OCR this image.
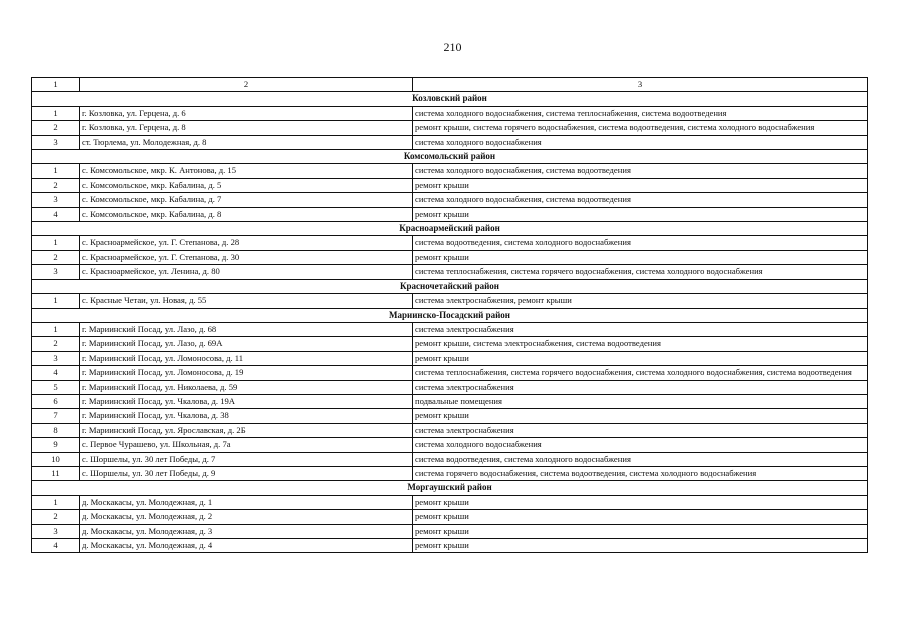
210
1	2	3
Козловский район		
1	г. Козловка, ул. Герцена, д. 6	система холодного водоснабжения, система теплоснабжения, система водоотведения
2	г. Козловка, ул. Герцена, д. 8	ремонт крыши, система горячего водоснабжения, система водоотведения, система холодного водоснабжения
3	ст. Тюрлема, ул. Молодежная, д. 8	система холодного водоснабжения
Комсомольский район		
1	с. Комсомольское, мкр. К. Антонова, д. 15	система холодного водоснабжения, система водоотведения
2	с. Комсомольское, мкр. Кабалина, д. 5	ремонт крыши
3	с. Комсомольское, мкр. Кабалина, д. 7	система холодного водоснабжения, система водоотведения
4	с. Комсомольское, мкр. Кабалина, д. 8	ремонт крыши
Красноармейский район		
1	с. Красноармейское, ул. Г. Степанова, д. 28	система водоотведения, система холодного водоснабжения
2	с. Красноармейское, ул. Г. Степанова, д. 30	ремонт крыши
3	с. Красноармейское, ул. Ленина, д. 80	система теплоснабжения, система горячего водоснабжения, система холодного водоснабжения
Красночетайский район		
1	с. Красные Четаи, ул. Новая, д. 55	система электроснабжения, ремонт крыши
Мариинско-Посадский район		
1	г. Мариинский Посад, ул. Лазо, д. 68	система электроснабжения
2	г. Мариинский Посад, ул. Лазо, д. 69А	ремонт крыши, система электроснабжения, система водоотведения
3	г. Мариинский Посад, ул. Ломоносова, д. 11	ремонт крыши
4	г. Мариинский Посад, ул. Ломоносова, д. 19	система теплоснабжения, система горячего водоснабжения, система холодного водоснабжения, система водоотведения
5	г. Мариинский Посад, ул. Николаева, д. 59	система электроснабжения
6	г. Мариинский Посад, ул. Чкалова, д. 19А	подвальные помещения
7	г. Мариинский Посад, ул. Чкалова, д. 38	ремонт крыши
8	г. Мариинский Посад, ул. Ярославская, д. 2Б	система электроснабжения
9	с. Первое Чурашево, ул. Школьная, д. 7а	система холодного водоснабжения
10	с. Шоршелы, ул. 30 лет Победы, д. 7	система водоотведения, система холодного водоснабжения
11	с. Шоршелы, ул. 30 лет Победы, д. 9	система горячего водоснабжения, система водоотведения, система холодного водоснабжения
Моргаушский район		
1	д. Москакасы, ул. Молодежная, д. 1	ремонт крыши
2	д. Москакасы, ул. Молодежная, д. 2	ремонт крыши
3	д. Москакасы, ул. Молодежная, д. 3	ремонт крыши
4	д. Москакасы, ул. Молодежная, д. 4	ремонт крыши
